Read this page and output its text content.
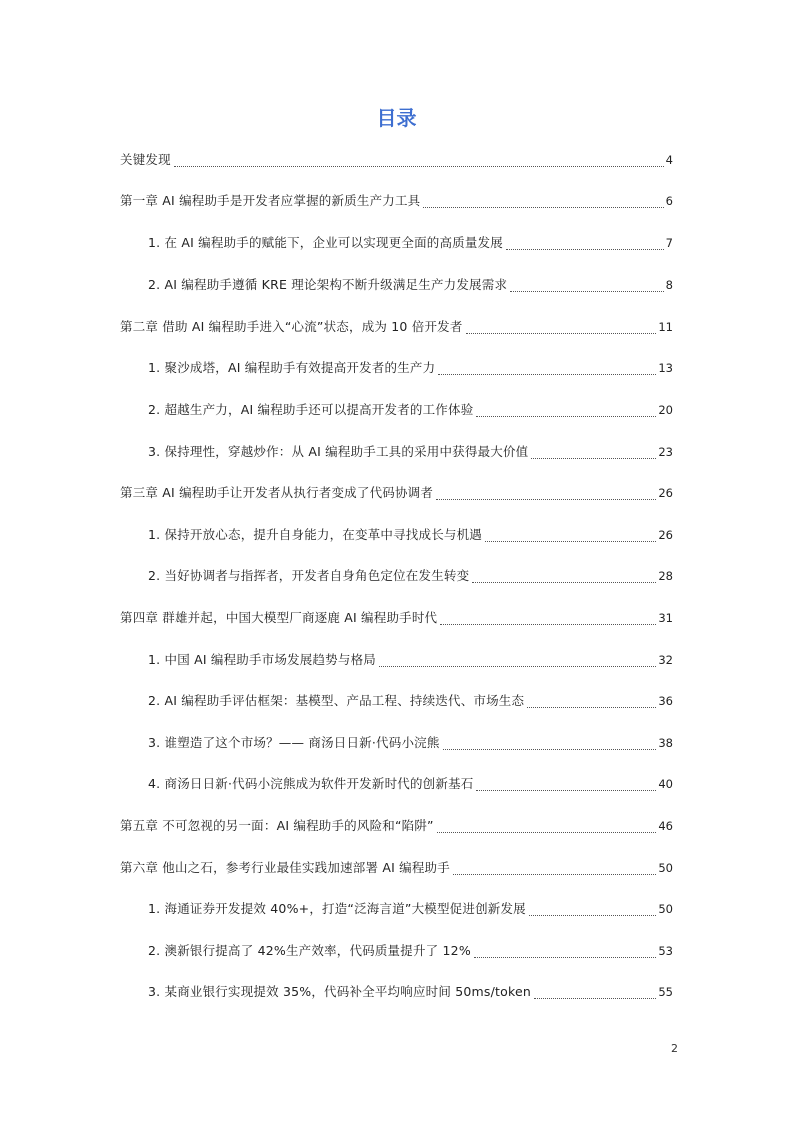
目录
关键发现	4
第一章 AI 编程助手是开发者应掌握的新质生产力工具	6
1. 在 AI 编程助手的赋能下，企业可以实现更全面的高质量发展	7
2. AI 编程助手遵循 KRE 理论架构不断升级满足生产力发展需求	8
第二章 借助 AI 编程助手进入“心流”状态，成为 10 倍开发者	11
1. 聚沙成塔，AI 编程助手有效提高开发者的生产力	13
2. 超越生产力，AI 编程助手还可以提高开发者的工作体验	20
3. 保持理性，穿越炒作：从 AI 编程助手工具的采用中获得最大价值	23
第三章 AI 编程助手让开发者从执行者变成了代码协调者	26
1. 保持开放心态，提升自身能力，在变革中寻找成长与机遇	26
2. 当好协调者与指挥者，开发者自身角色定位在发生转变	28
第四章 群雄并起，中国大模型厂商逐鹿 AI 编程助手时代	31
1. 中国 AI 编程助手市场发展趋势与格局	32
2. AI 编程助手评估框架：基模型、产品工程、持续迭代、市场生态	36
3. 谁塑造了这个市场？—— 商汤日日新·代码小浣熊	38
4. 商汤日日新·代码小浣熊成为软件开发新时代的创新基石	40
第五章 不可忽视的另一面：AI 编程助手的风险和“陷阱”	46
第六章 他山之石，参考行业最佳实践加速部署 AI 编程助手	50
1. 海通证券开发提效 40%+，打造“泛海言道”大模型促进创新发展	50
2. 澳新银行提高了 42%生产效率，代码质量提升了 12%	53
3. 某商业银行实现提效 35%，代码补全平均响应时间 50ms/token	55
2
